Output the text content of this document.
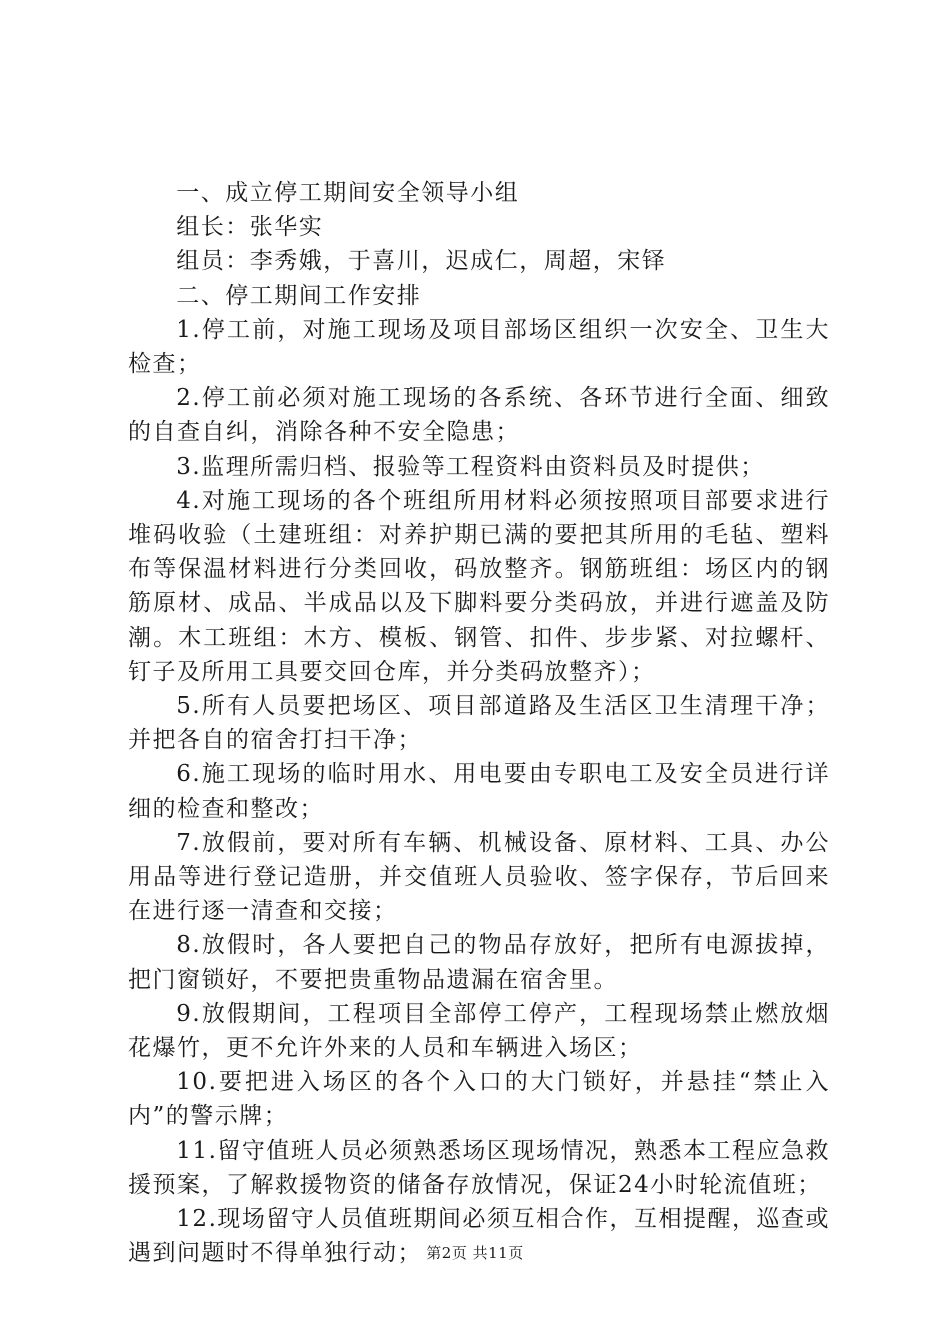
一、成立停工期间安全领导小组

组长：张华实

组员：李秀娥，于喜川，迟成仁，周超，宋铎

二、停工期间工作安排

1.停工前，对施工现场及项目部场区组织一次安全、卫生大检查；

2.停工前必须对施工现场的各系统、各环节进行全面、细致的自查自纠，消除各种不安全隐患；

3.监理所需归档、报验等工程资料由资料员及时提供；

4.对施工现场的各个班组所用材料必须按照项目部要求进行堆码收验（土建班组：对养护期已满的要把其所用的毛毡、塑料布等保温材料进行分类回收，码放整齐。钢筋班组：场区内的钢筋原材、成品、半成品以及下脚料要分类码放，并进行遮盖及防潮。木工班组：木方、模板、钢管、扣件、步步紧、对拉螺杆、钉子及所用工具要交回仓库，并分类码放整齐）；

5.所有人员要把场区、项目部道路及生活区卫生清理干净；并把各自的宿舍打扫干净；

6.施工现场的临时用水、用电要由专职电工及安全员进行详细的检查和整改；

7.放假前，要对所有车辆、机械设备、原材料、工具、办公用品等进行登记造册，并交值班人员验收、签字保存，节后回来在进行逐一清查和交接；

8.放假时，各人要把自己的物品存放好，把所有电源拔掉，把门窗锁好，不要把贵重物品遗漏在宿舍里。

9.放假期间，工程项目全部停工停产，工程现场禁止燃放烟花爆竹，更不允许外来的人员和车辆进入场区；

10.要把进入场区的各个入口的大门锁好，并悬挂“禁止入内”的警示牌；

11.留守值班人员必须熟悉场区现场情况，熟悉本工程应急救援预案，了解救援物资的储备存放情况，保证24小时轮流值班；

12.现场留守人员值班期间必须互相合作，互相提醒，巡查或遇到问题时不得单独行动； 第2页 共11页
